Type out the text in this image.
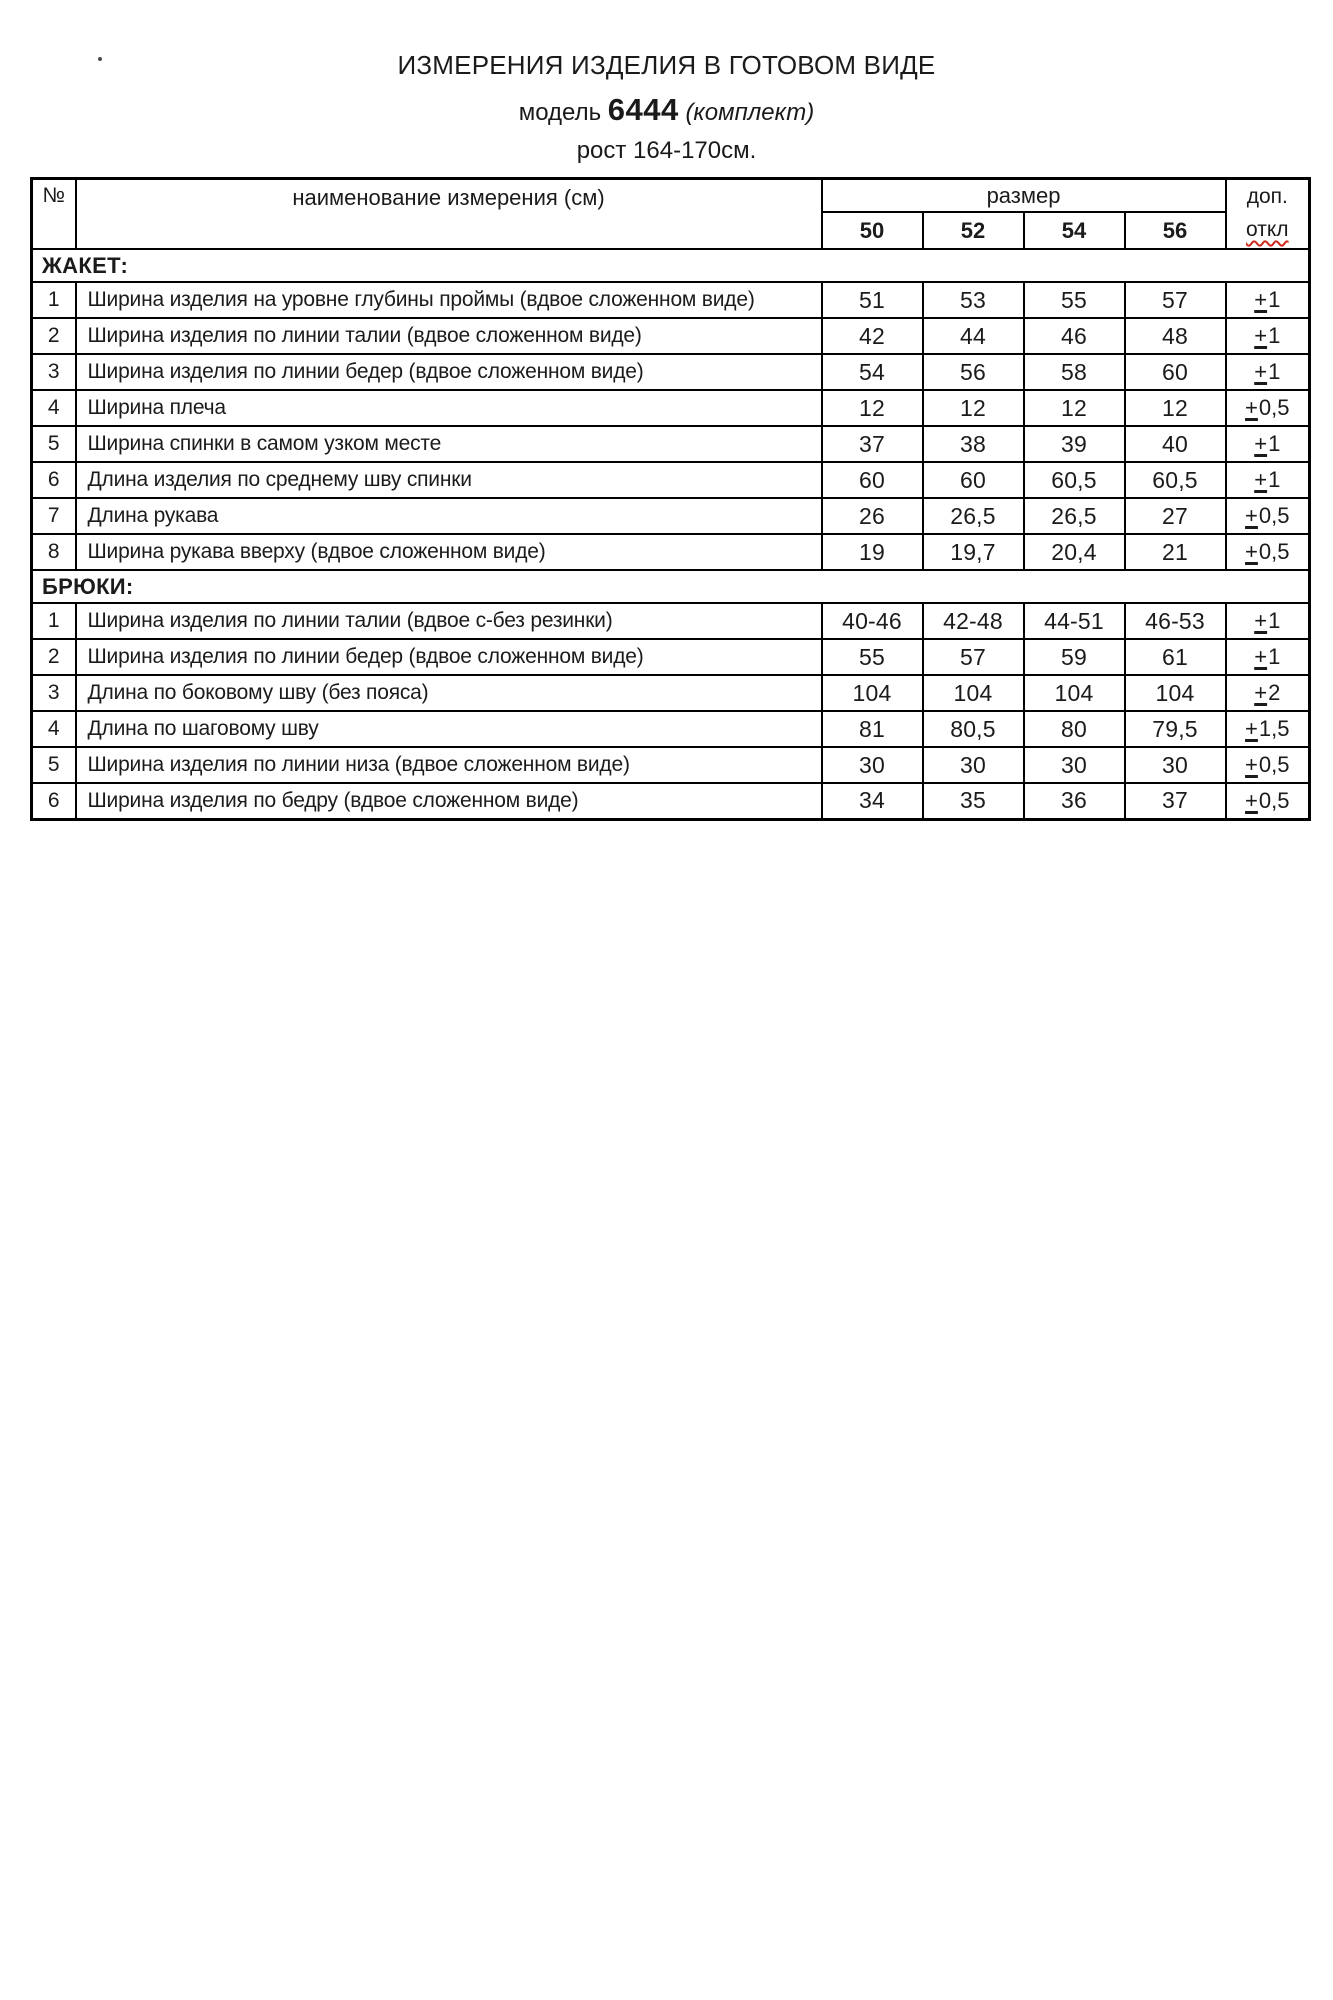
ИЗМЕРЕНИЯ ИЗДЕЛИЯ В ГОТОВОМ ВИДЕ
модель 6444 (комплект)
рост 164-170см.
№	наименование измерения (см)	размер				доп.
откл
		50	52	54	56	
ЖАКЕТ:						
1	Ширина изделия на уровне глубины проймы (вдвое сложенном виде)	51	53	55	57	+1
2	Ширина изделия по линии талии (вдвое сложенном виде)	42	44	46	48	+1
3	Ширина изделия по линии бедер (вдвое сложенном виде)	54	56	58	60	+1
4	Ширина плеча	12	12	12	12	+0,5
5	Ширина спинки в самом узком месте	37	38	39	40	+1
6	Длина изделия по среднему шву спинки	60	60	60,5	60,5	+1
7	Длина рукава	26	26,5	26,5	27	+0,5
8	Ширина рукава вверху (вдвое сложенном виде)	19	19,7	20,4	21	+0,5
БРЮКИ:						
1	Ширина изделия по линии талии (вдвое с-без резинки)	40-46	42-48	44-51	46-53	+1
2	Ширина изделия по линии бедер (вдвое сложенном виде)	55	57	59	61	+1
3	Длина по боковому шву (без пояса)	104	104	104	104	+2
4	Длина по шаговому шву	81	80,5	80	79,5	+1,5
5	Ширина изделия по линии низа (вдвое сложенном виде)	30	30	30	30	+0,5
6	Ширина изделия по бедру (вдвое сложенном виде)	34	35	36	37	+0,5
